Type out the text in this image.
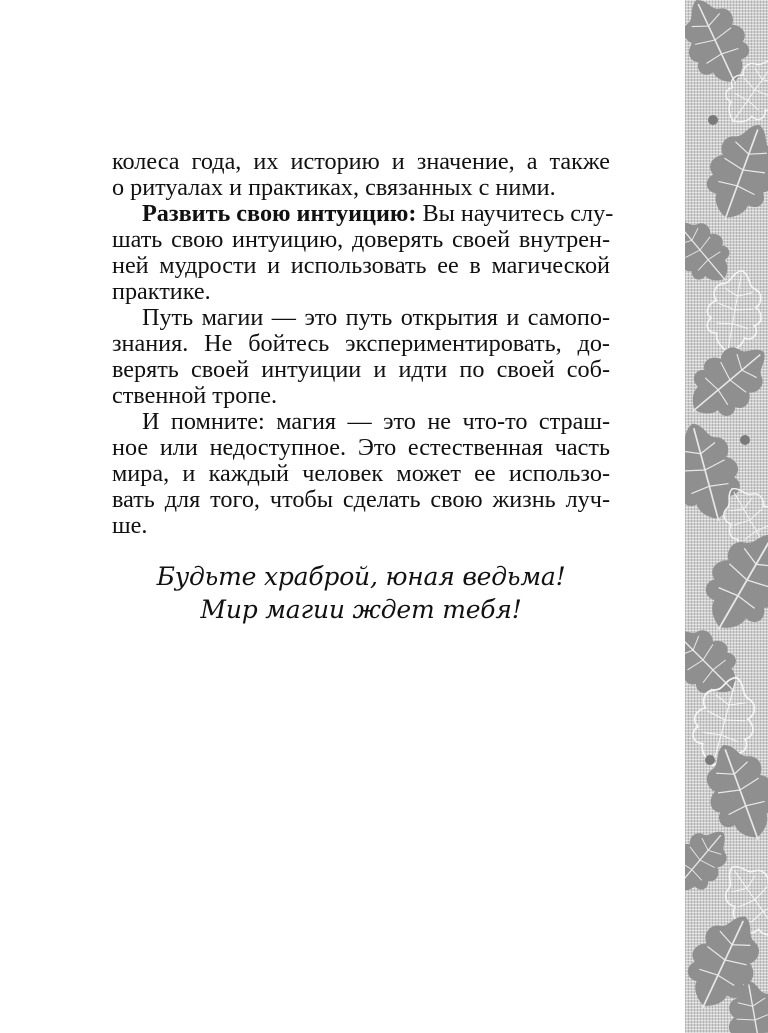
колеса года, их историю и значение, а также
о ритуалах и практиках, связанных с ними.
Развить свою интуицию: Вы научитесь слу-
шать свою интуицию, доверять своей внутрен-
ней мудрости и использовать ее в магической
практике.
Путь магии — это путь открытия и самопо-
знания. Не бойтесь экспериментировать, до-
верять своей интуиции и идти по своей соб-
ственной тропе.
И помните: магия — это не что-то страш-
ное или недоступное. Это естественная часть
мира, и каждый человек может ее использо-
вать для того, чтобы сделать свою жизнь луч-
ше.
Будьте храброй, юная ведьма!
Мир магии ждет тебя!
